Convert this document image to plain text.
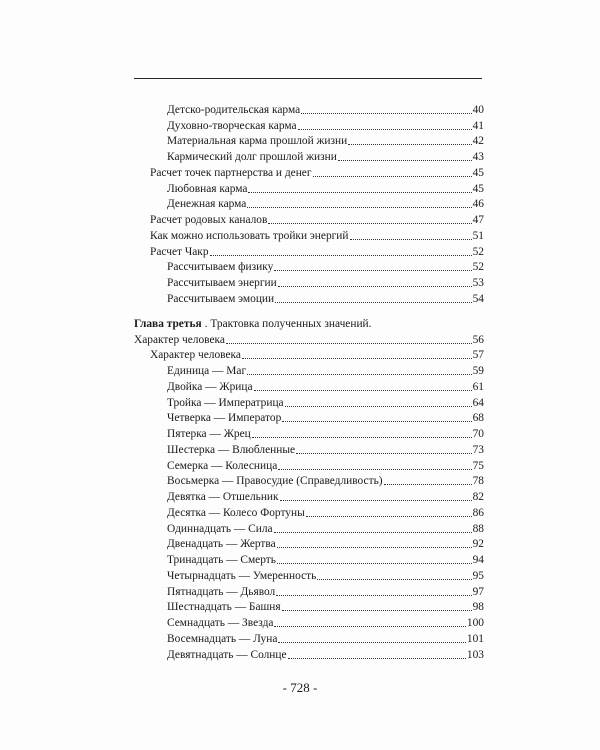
Детско-родительская карма	40
Духовно-творческая карма	41
Материальная карма прошлой жизни	42
Кармический долг прошлой жизни	43
Расчет точек партнерства и денег	45
Любовная карма	45
Денежная карма	46
Расчет родовых каналов	47
Как можно использовать тройки энергий	51
Расчет Чакр	52
Рассчитываем физику	52
Рассчитываем энергии	53
Рассчитываем эмоции	54
Глава третья . Трактовка полученных значений.
Характер человека	56
Характер человека	57
Единица — Маг	59
Двойка — Жрица	61
Тройка — Императрица	64
Четверка — Император	68
Пятерка — Жрец	70
Шестерка — Влюбленные	73
Семерка — Колесница	75
Восьмерка — Правосудие (Справедливость)	78
Девятка — Отшельник	82
Десятка — Колесо Фортуны	86
Одиннадцать — Сила	88
Двенадцать — Жертва	92
Тринадцать — Смерть	94
Четырнадцать — Умеренность	95
Пятнадцать — Дьявол	97
Шестнадцать — Башня	98
Семнадцать — Звезда	100
Восемнадцать — Луна	101
Девятнадцать — Солнце	103
- 728 -
